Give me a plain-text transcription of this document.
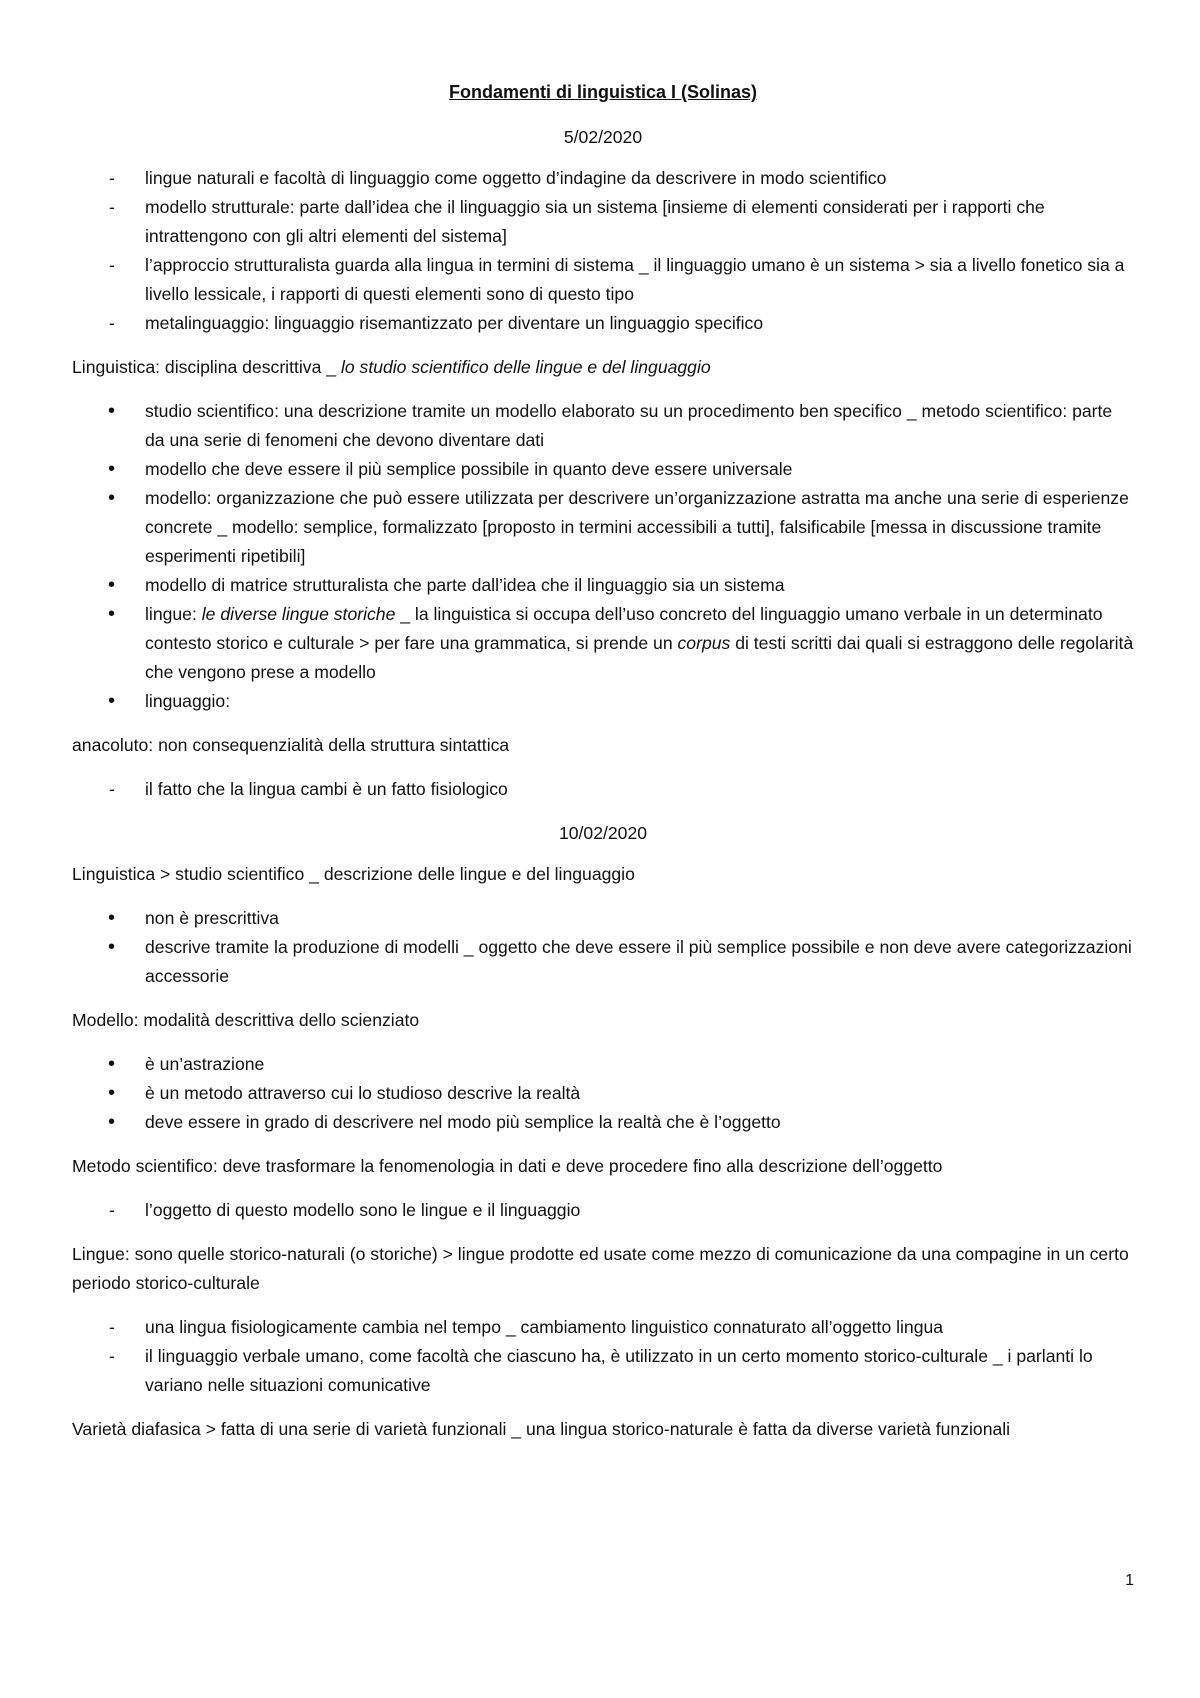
Fondamenti di linguistica I (Solinas)
5/02/2020
- lingue naturali e facoltà di linguaggio come oggetto d’indagine da descrivere in modo scientifico
- modello strutturale: parte dall’idea che il linguaggio sia un sistema [insieme di elementi considerati per i rapporti che intrattengono con gli altri elementi del sistema]
- l’approccio strutturalista guarda alla lingua in termini di sistema _ il linguaggio umano è un sistema > sia a livello fonetico sia a livello lessicale, i rapporti di questi elementi sono di questo tipo
- metalinguaggio: linguaggio risemantizzato per diventare un linguaggio specifico

Linguistica: disciplina descrittiva _ lo studio scientifico delle lingue e del linguaggio

• studio scientifico: una descrizione tramite un modello elaborato su un procedimento ben specifico _ metodo scientifico: parte da una serie di fenomeni che devono diventare dati
• modello che deve essere il più semplice possibile in quanto deve essere universale
• modello: organizzazione che può essere utilizzata per descrivere un’organizzazione astratta ma anche una serie di esperienze concrete _ modello: semplice, formalizzato [proposto in termini accessibili a tutti], falsificabile [messa in discussione tramite esperimenti ripetibili]
• modello di matrice strutturalista che parte dall’idea che il linguaggio sia un sistema
• lingue: le diverse lingue storiche _ la linguistica si occupa dell’uso concreto del linguaggio umano verbale in un determinato contesto storico e culturale > per fare una grammatica, si prende un corpus di testi scritti dai quali si estraggono delle regolarità che vengono prese a modello
• linguaggio:

anacoluto: non consequenzialità della struttura sintattica

- il fatto che la lingua cambi è un fatto fisiologico
10/02/2020

Linguistica > studio scientifico _ descrizione delle lingue e del linguaggio

• non è prescrittiva
• descrive tramite la produzione di modelli _ oggetto che deve essere il più semplice possibile e non deve avere categorizzazioni accessorie

Modello: modalità descrittiva dello scienziato

• è un’astrazione
• è un metodo attraverso cui lo studioso descrive la realtà
• deve essere in grado di descrivere nel modo più semplice la realtà che è l’oggetto

Metodo scientifico: deve trasformare la fenomenologia in dati e deve procedere fino alla descrizione dell’oggetto

- l’oggetto di questo modello sono le lingue e il linguaggio

Lingue: sono quelle storico-naturali (o storiche) > lingue prodotte ed usate come mezzo di comunicazione da una compagine in un certo periodo storico-culturale

- una lingua fisiologicamente cambia nel tempo _ cambiamento linguistico connaturato all’oggetto lingua
- il linguaggio verbale umano, come facoltà che ciascuno ha, è utilizzato in un certo momento storico-culturale _ i parlanti lo variano nelle situazioni comunicative

Varietà diafasica > fatta di una serie di varietà funzionali _ una lingua storico-naturale è fatta da diverse varietà funzionali

1
